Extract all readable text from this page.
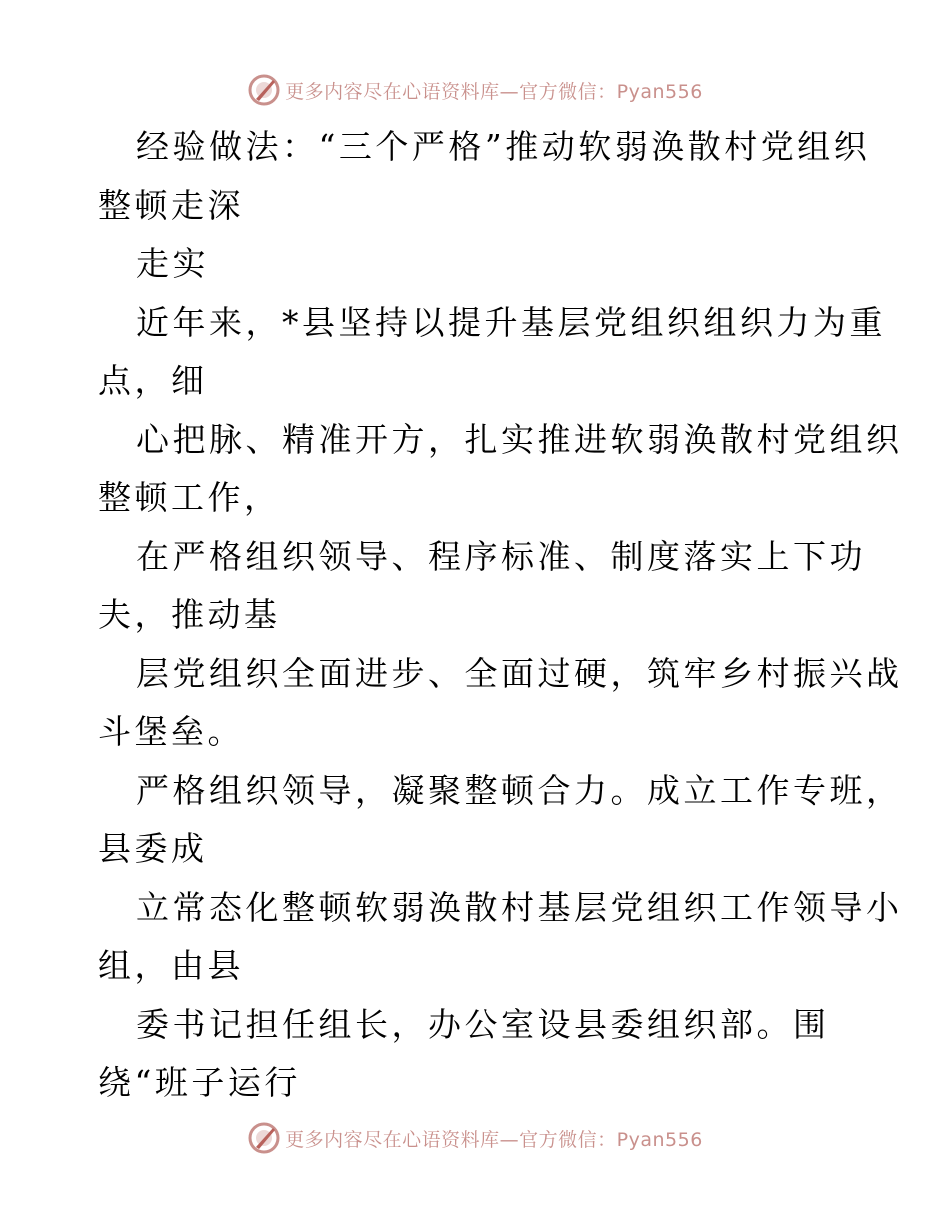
更多内容尽在心语资料库—官方微信：Pyan556
经验做法：“三个严格”推动软弱涣散村党组织
整顿走深
走实
近年来，*县坚持以提升基层党组织组织力为重
点，细
心把脉、精准开方，扎实推进软弱涣散村党组织
整顿工作，
在严格组织领导、程序标准、制度落实上下功
夫，推动基
层党组织全面进步、全面过硬，筑牢乡村振兴战
斗堡垒。
严格组织领导，凝聚整顿合力。成立工作专班，
县委成
立常态化整顿软弱涣散村基层党组织工作领导小
组，由县
委书记担任组长，办公室设县委组织部。围
绕“班子运行
更多内容尽在心语资料库—官方微信：Pyan556
